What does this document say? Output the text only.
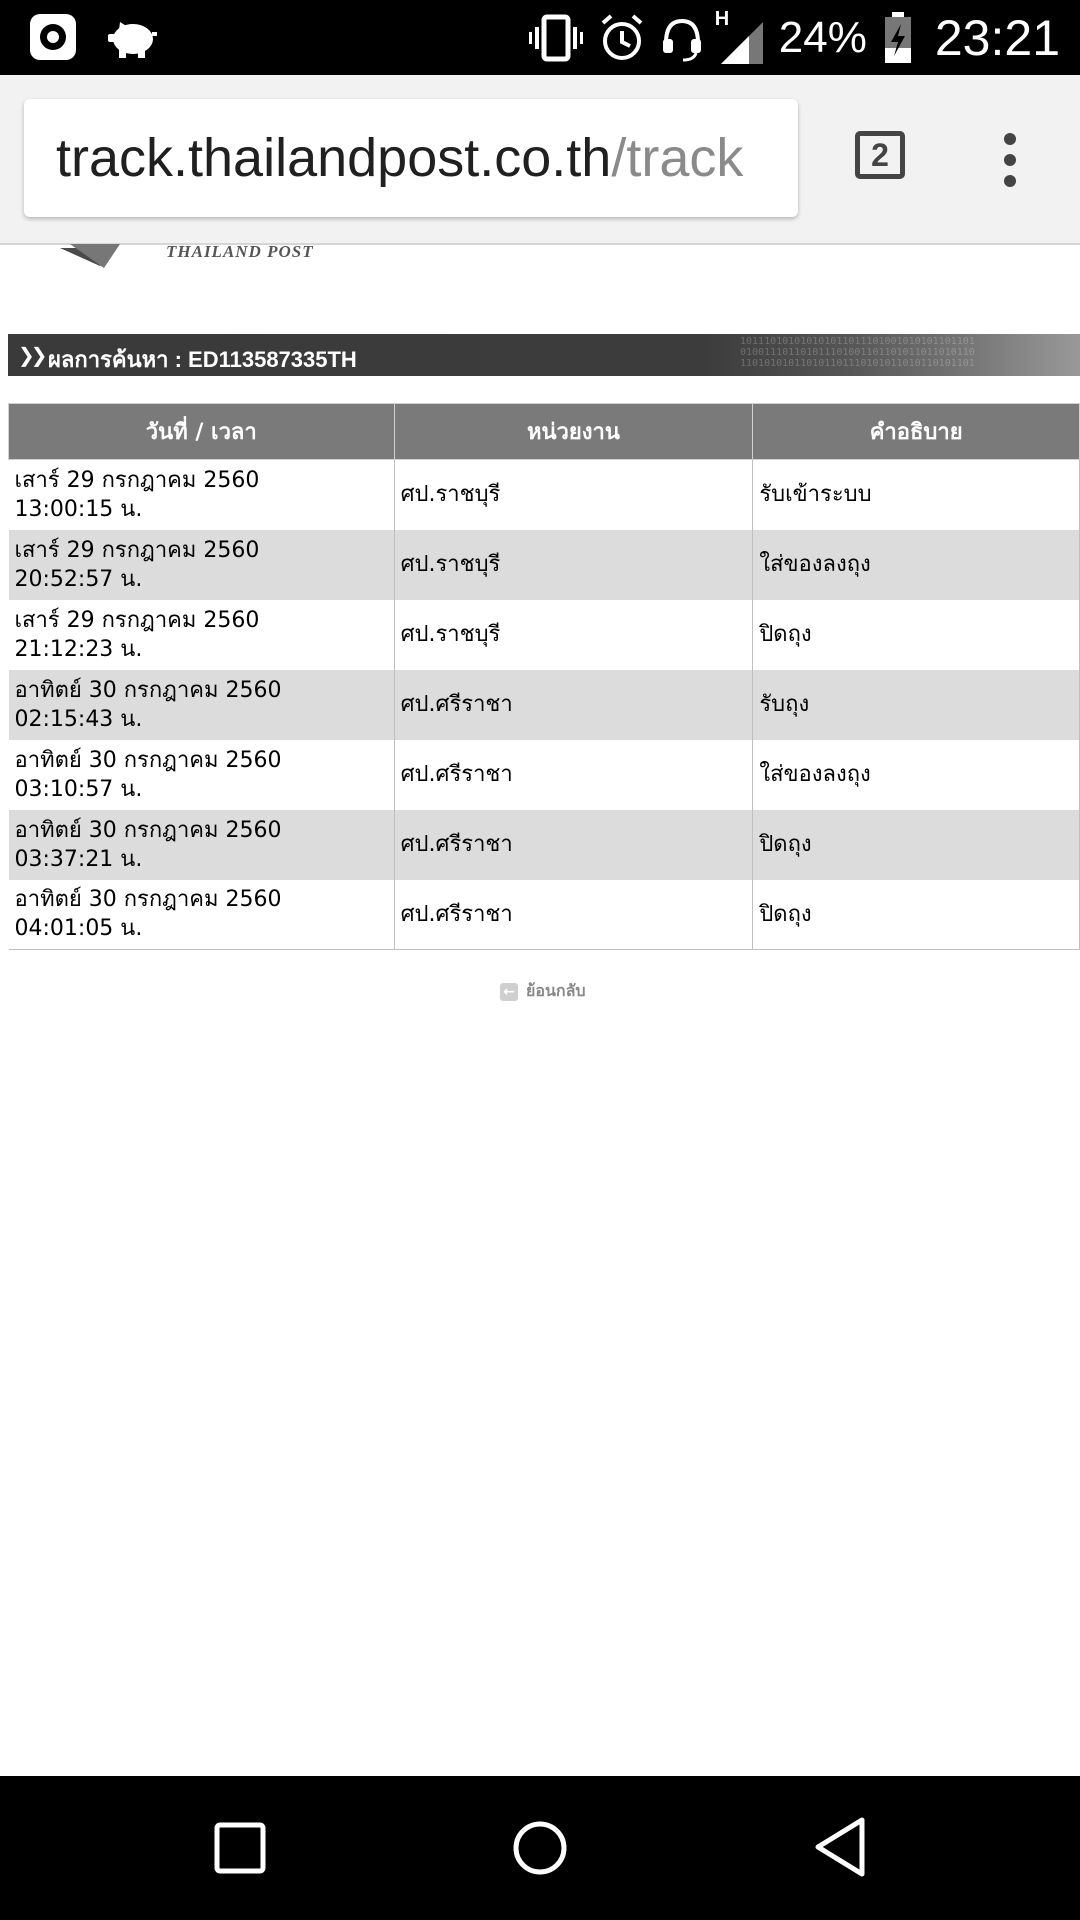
H 24% 23:21
track.thailandpost.co.th/track	2
THAILAND POST
❯❯ ผลการค้นหา : ED113587335TH
101110101010101011011101001010101101101
010011101101011101001101101011011010110
110101010110101101110101011010110101101
วันที่ / เวลา	หน่วยงาน	คำอธิบาย

เสาร์ 29 กรกฎาคม 2560
13:00:15 น.	ศป.ราชบุรี	รับเข้าระบบ

เสาร์ 29 กรกฎาคม 2560
20:52:57 น.	ศป.ราชบุรี	ใส่ของลงถุง

เสาร์ 29 กรกฎาคม 2560
21:12:23 น.	ศป.ราชบุรี	ปิดถุง

อาทิตย์ 30 กรกฎาคม 2560
02:15:43 น.	ศป.ศรีราชา	รับถุง

อาทิตย์ 30 กรกฎาคม 2560
03:10:57 น.	ศป.ศรีราชา	ใส่ของลงถุง

อาทิตย์ 30 กรกฎาคม 2560
03:37:21 น.	ศป.ศรีราชา	ปิดถุง

อาทิตย์ 30 กรกฎาคม 2560
04:01:05 น.	ศป.ศรีราชา	ปิดถุง
← ย้อนกลับ
